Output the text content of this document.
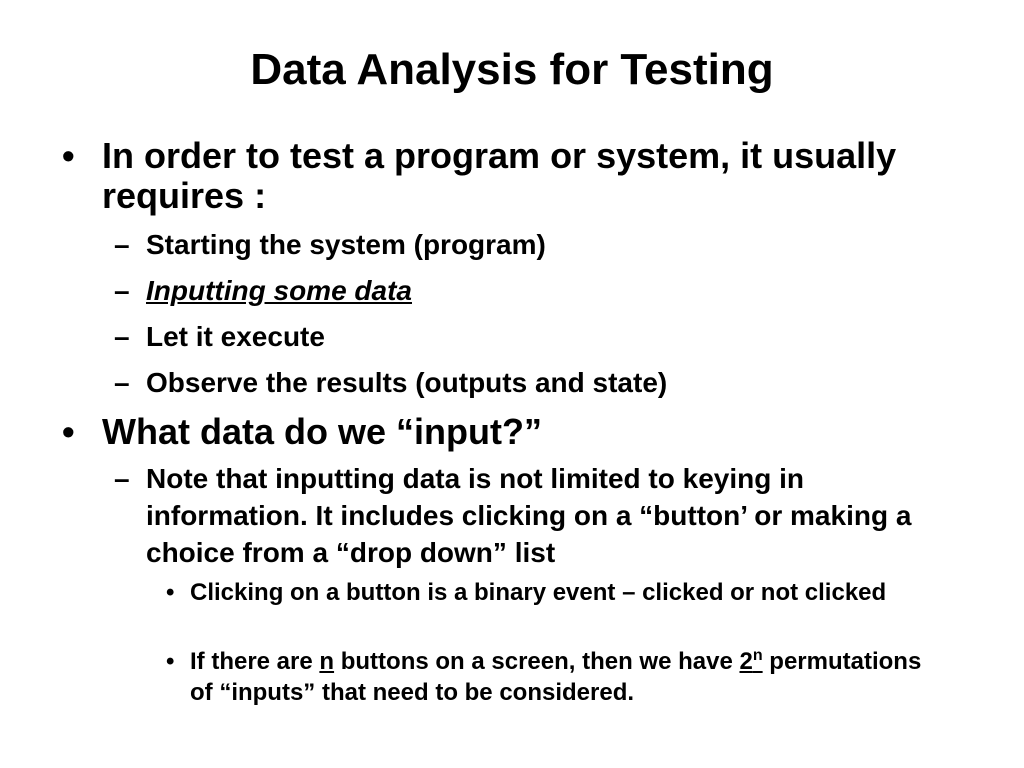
Data Analysis for Testing
• In order to test a program or system, it usually requires :
– Starting the system (program)
– Inputting some data
– Let it execute
– Observe the results (outputs and state)
• What data do we “input?”
– Note that inputting data is not limited to keying in information. It includes clicking on a “button’ or making a choice from a “drop down” list
• Clicking on a button is a binary event – clicked or not clicked
• If there are n buttons on a screen, then we have 2$^n$ permutations of “inputs” that need to be considered.
